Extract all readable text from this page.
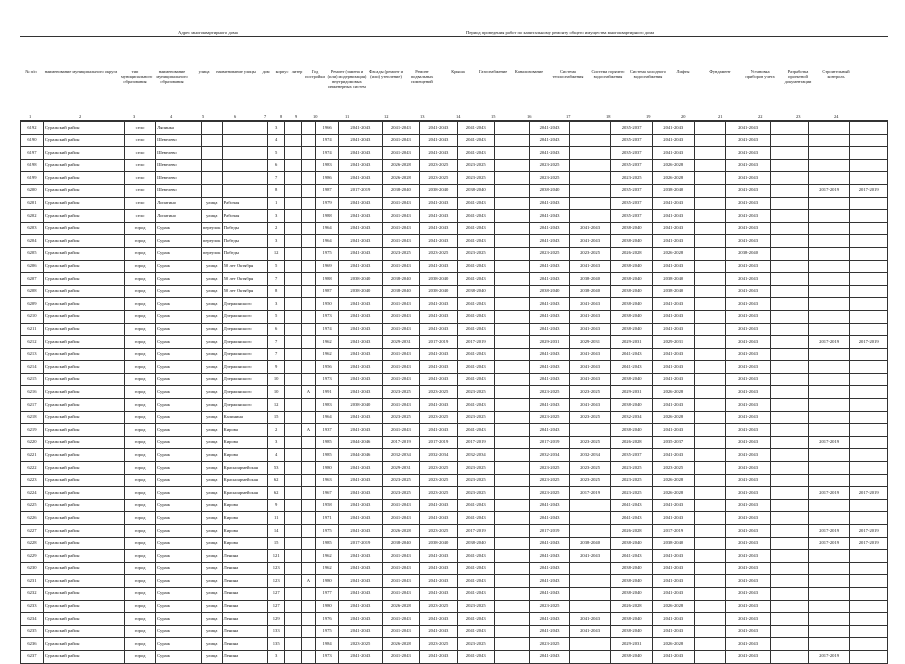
Адрес многоквартирного дома	Период проведения работ по капитальному ремонту общего имущества многоквартирного дома
№ п/п	наименование муниципального округа	тип муниципального образования
наименование муниципального образования
улица	наименование улицы	дом	корпус литер	Год постройки
Ремонт (замена и (или) модернизация) внутридомовых инженерных систем
Фасады (ремонт и (или) утепление)
Ремонт подвальных помещений
Крыша	Газоснабжение	Канализование	Система теплоснабжения
Система горячего водоснабжения
Система холодного водоснабжения
Лифты	Фундамент	Установка приборов учета
Разработка проектной документации
Строительный контроль
1	2	3	4	5	6	7	8	9	10	11	12	13	14	15	16	17	18	19	20	21	22	23	24
6192	Суражский район	село	Ляпинка			3			1966	2041-2043	2041-2043	2041-2043	2041-2043		2041-2043		2035-2037	2041-2043		2041-2043			
6190	Суражский район	село	Шевелево			4			1974	2041-2043	2041-2043	2041-2043	2041-2043		2041-2043		2035-2037	2041-2043		2041-2043			
6197	Суражский район	село	Шевелево			5			1974	2041-2043	2041-2043	2041-2043	2041-2043		2041-2043		2035-2037	2041-2043		2041-2043			
6198	Суражский район	село	Шевелево			6			1983	2041-2043	2026-2028	2023-2025	2023-2025		2023-2025		2035-2037	2026-2028		2041-2043			
6199	Суражский район	село	Шевелево			7			1986	2041-2043	2026-2028	2023-2025	2023-2025		2023-2025		2023-2025	2026-2028		2041-2043			
6200	Суражский район	село	Шевелево			8			1987	2017-2019	2038-2040	2038-2040	2038-2040		2038-2040		2035-2037	2038-2040		2041-2043		2017-2019	2017-2019
6201	Суражский район	село	Лопатино	улица	Рабочая	1			1979	2041-2043	2041-2043	2041-2043	2041-2043		2041-2043		2035-2037	2041-2043		2041-2043			
6202	Суражский район	село	Лопатино	улица	Рабочая	3			1988	2041-2043	2041-2043	2041-2043	2041-2043		2041-2043		2035-2037	2041-2043		2041-2043			
6203	Суражский район	город	Сураж	переулок	Победы	2			1964	2041-2043	2041-2043	2041-2043	2041-2043		2041-2043	2041-2043	2038-2040	2041-2043		2041-2043			
6204	Суражский район	город	Сураж	переулок	Победы	3			1964	2041-2043	2041-2043	2041-2043	2041-2043		2041-2043	2041-2043	2038-2040	2041-2043		2041-2043			
6205	Суражский район	город	Сураж	переулок	Победы	12			1975	2041-2043	2023-2025	2023-2025	2023-2025		2023-2025	2023-2025	2026-2028	2026-2028		2038-2040			
6206	Суражский район	город	Сураж	улица	50 лет Октября	5			1969	2041-2043	2041-2043	2041-2043	2041-2043		2041-2043	2041-2043	2038-2040	2041-2043		2041-2043			
6207	Суражский район	город	Сураж	улица	50 лет Октября	7			1988	2038-2040	2038-2040	2038-2040	2041-2043		2041-2043	2038-2040	2038-2040	2038-2040		2041-2043			
6208	Суражский район	город	Сураж	улица	50 лет Октября	8			1987	2038-2040	2038-2040	2038-2040	2038-2040		2038-2040	2038-2040	2038-2040	2038-2040		2041-2043			
6209	Суражский район	город	Сураж	улица	Дзержинского	3			1950	2041-2043	2041-2043	2041-2043	2041-2043		2041-2043	2041-2043	2038-2040	2041-2043		2041-2043			
6210	Суражский район	город	Сураж	улица	Дзержинского	5			1973	2041-2043	2041-2043	2041-2043	2041-2043		2041-2043	2041-2043	2038-2040	2041-2043		2041-2043			
6211	Суражский район	город	Сураж	улица	Дзержинского	6			1974	2041-2043	2041-2043	2041-2043	2041-2043		2041-2043	2041-2043	2038-2040	2041-2043		2041-2043			
6212	Суражский район	город	Сураж	улица	Дзержинского	7			1962	2041-2043	2029-2031	2017-2019	2017-2019		2029-2031	2029-2031	2029-2031	2029-2031		2041-2043		2017-2019	2017-2019
6213	Суражский район	город	Сураж	улица	Дзержинского	7			1962	2041-2043	2041-2043	2041-2043	2041-2043		2041-2043	2041-2043	2041-2043	2041-2043		2041-2043			
6214	Суражский район	город	Сураж	улица	Дзержинского	9			1956	2041-2043	2041-2043	2041-2043	2041-2043		2041-2043	2041-2043	2041-2043	2041-2043		2041-2043			
6215	Суражский район	город	Сураж	улица	Дзержинского	10			1973	2041-2043	2041-2043	2041-2043	2041-2043		2041-2043	2041-2043	2038-2040	2041-2043		2041-2043			
6216	Суражский район	город	Сураж	улица	Дзержинского	10		А	1991	2041-2043	2023-2025	2023-2025	2023-2025		2023-2025	2023-2025	2029-2031	2026-2028		2041-2043			
6217	Суражский район	город	Сураж	улица	Дзержинского	12			1983	2038-2040	2041-2043	2041-2043	2041-2043		2041-2043	2041-2043	2038-2040	2041-2043		2041-2043			
6218	Суражский район	город	Сураж	улица	Калинина	15			1964	2041-2043	2023-2025	2023-2025	2023-2025		2023-2025	2023-2025	2032-2034	2026-2028		2041-2043			
6219	Суражский район	город	Сураж	улица	Кирова	2		А	1937	2041-2043	2041-2043	2041-2043	2041-2043		2041-2043		2038-2040	2041-2043		2041-2043			
6220	Суражский район	город	Сураж	улица	Кирова	3			1985	2044-2046	2017-2019	2017-2019	2017-2019		2017-2019	2023-2025	2026-2028	2035-2037		2041-2043		2017-2019	
6221	Суражский район	город	Сураж	улица	Кирова	4			1985	2044-2046	2032-2034	2032-2034	2032-2034		2032-2034	2032-2034	2035-2037	2041-2043		2041-2043			
6222	Суражский район	город	Сураж	улица	Красноармейская	53			1980	2041-2043	2029-2031	2023-2025	2023-2025		2023-2025	2023-2025	2023-2025	2023-2025		2041-2043			
6223	Суражский район	город	Сураж	улица	Красноармейская	62			1963	2041-2043	2023-2025	2023-2025	2023-2025		2023-2025	2023-2025	2023-2025	2026-2028		2041-2043			
6224	Суражский район	город	Сураж	улица	Красноармейская	62			1967	2041-2043	2023-2025	2023-2025	2023-2025		2023-2025	2017-2019	2023-2025	2026-2028		2041-2043		2017-2019	2017-2019
6225	Суражский район	город	Сураж	улица	Кирова	9			1958	2041-2043	2041-2043	2041-2043	2041-2043		2041-2043		2041-2043	2041-2043		2041-2043			
6226	Суражский район	город	Сураж	улица	Кирова	11			1971	2041-2043	2041-2043	2041-2043	2041-2043		2041-2043		2041-2043	2041-2043		2041-2043			
6227	Суражский район	город	Сураж	улица	Кирова	14			1975	2041-2043	2026-2028	2023-2025	2017-2019		2017-2019		2026-2028	2017-2019		2041-2043		2017-2019	2017-2019
6228	Суражский район	город	Сураж	улица	Кирова	15			1985	2017-2019	2038-2040	2038-2040	2038-2040		2041-2043	2038-2040	2038-2040	2038-2040		2041-2043		2017-2019	2017-2019
6229	Суражский район	город	Сураж	улица	Ленина	121			1962	2041-2043	2041-2043	2041-2043	2041-2043		2041-2043	2041-2043	2041-2043	2041-2043		2041-2043			
6230	Суражский район	город	Сураж	улица	Ленина	123			1962	2041-2043	2041-2043	2041-2043	2041-2043		2041-2043		2038-2040	2041-2043		2041-2043			
6231	Суражский район	город	Сураж	улица	Ленина	123		А	1980	2041-2043	2041-2043	2041-2043	2041-2043		2041-2043		2038-2040	2041-2043		2041-2043			
6232	Суражский район	город	Сураж	улица	Ленина	127			1977	2041-2043	2041-2043	2041-2043	2041-2043		2041-2043		2038-2040	2041-2043		2041-2043			
6233	Суражский район	город	Сураж	улица	Ленина	127			1980	2041-2043	2026-2028	2023-2025	2023-2025		2023-2025		2026-2028	2026-2028		2041-2043			
6234	Суражский район	город	Сураж	улица	Ленина	129			1976	2041-2043	2041-2043	2041-2043	2041-2043		2041-2043	2041-2043	2038-2040	2041-2043		2041-2043			
6235	Суражский район	город	Сураж	улица	Ленина	133			1975	2041-2043	2041-2043	2041-2043	2041-2043		2041-2043	2041-2043	2038-2040	2041-2043		2041-2043			
6236	Суражский район	город	Сураж	улица	Ленина	135			1984	2023-2025	2026-2028	2023-2025	2023-2025		2023-2025		2029-2031	2026-2028		2041-2043			
6237	Суражский район	город	Сураж	улица	Ленина	3			1973	2041-2043	2041-2043	2041-2043	2041-2043		2041-2043		2038-2040	2041-2043		2041-2043		2017-2019	
